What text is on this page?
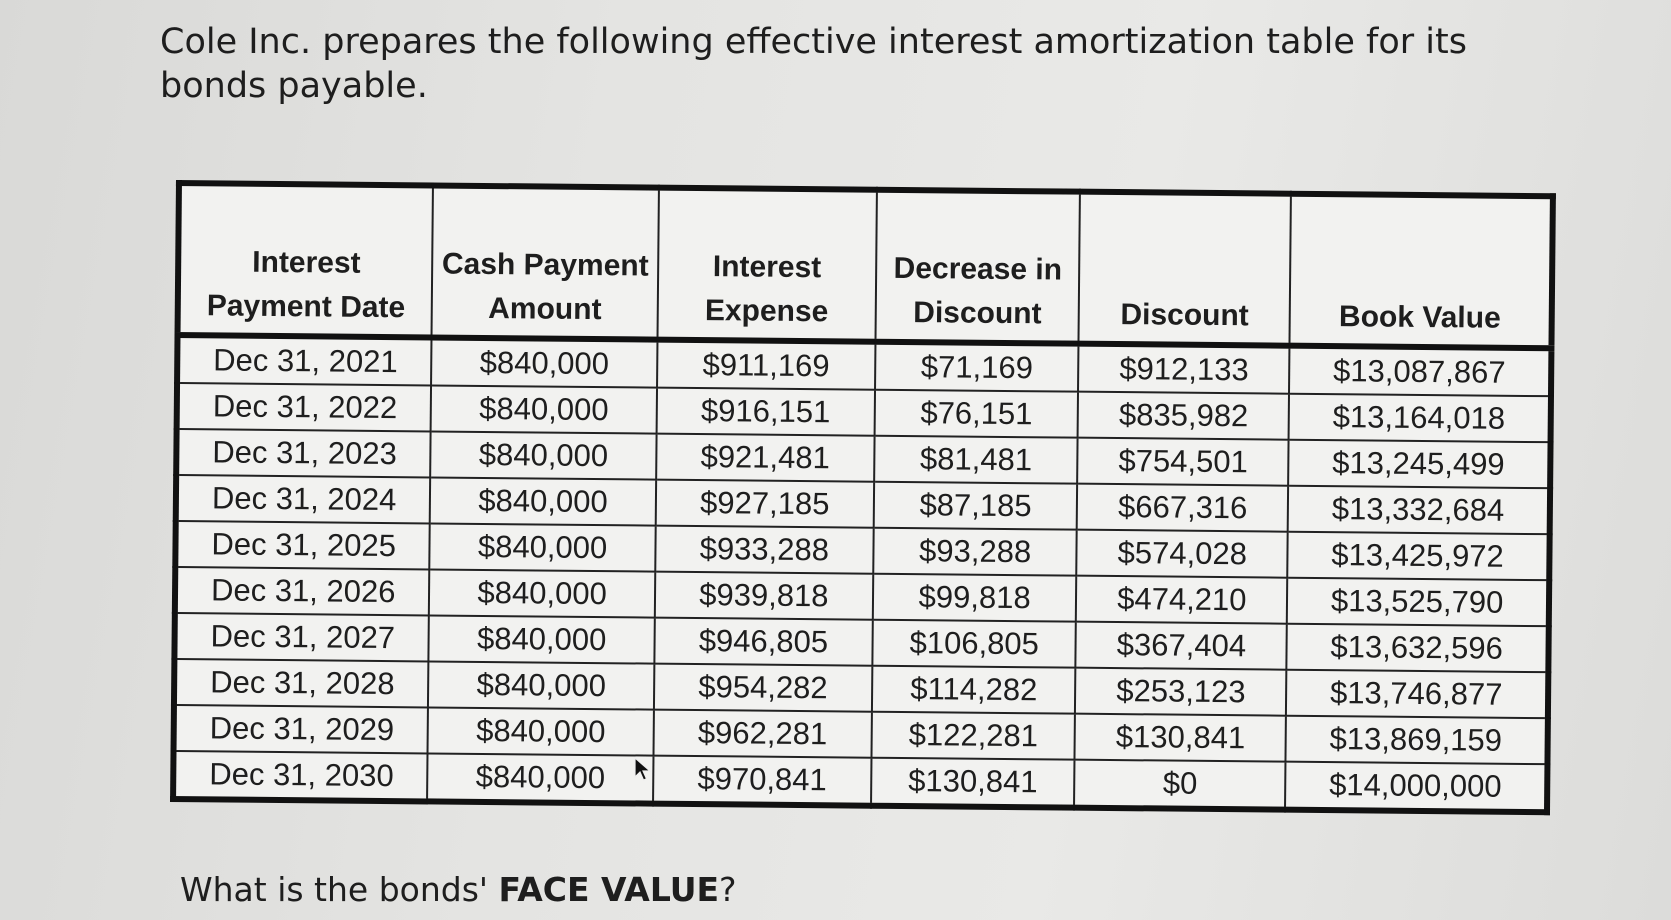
Cole Inc. prepares the following effective interest amortization table for its bonds payable.

Interest Payment Date	Cash Payment Amount	Interest Expense	Decrease in Discount	Discount	Book Value
Dec 31, 2021	$840,000	$911,169	$71,169	$912,133	$13,087,867
Dec 31, 2022	$840,000	$916,151	$76,151	$835,982	$13,164,018
Dec 31, 2023	$840,000	$921,481	$81,481	$754,501	$13,245,499
Dec 31, 2024	$840,000	$927,185	$87,185	$667,316	$13,332,684
Dec 31, 2025	$840,000	$933,288	$93,288	$574,028	$13,425,972
Dec 31, 2026	$840,000	$939,818	$99,818	$474,210	$13,525,790
Dec 31, 2027	$840,000	$946,805	$106,805	$367,404	$13,632,596
Dec 31, 2028	$840,000	$954,282	$114,282	$253,123	$13,746,877
Dec 31, 2029	$840,000	$962,281	$122,281	$130,841	$13,869,159
Dec 31, 2030	$840,000	$970,841	$130,841	$0	$14,000,000

What is the bonds' FACE VALUE?
